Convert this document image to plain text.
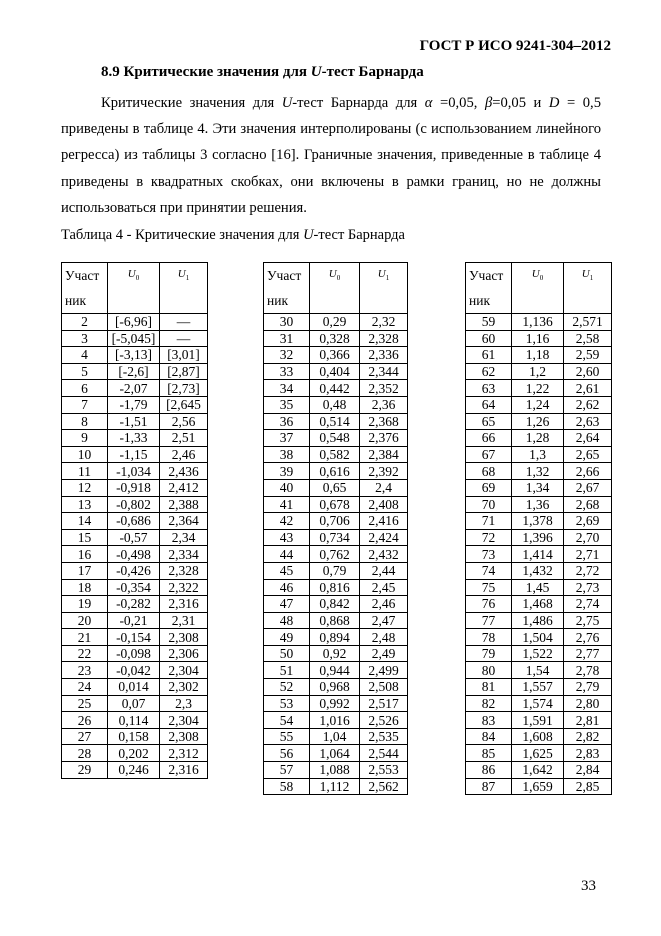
ГОСТ Р ИСО 9241-304–2012
8.9 Критические значения для U-тест Барнарда

Критические значения для U-тест Барнарда для α =0,05, β=0,05 и D = 0,5 приведены в таблице 4. Эти значения интерполированы (с использованием линейного регресса) из таблицы 3 согласно [16]. Граничные значения, приведенные в таблице 4 приведены в квадратных скобках, они включены в рамки границ, но не должны использоваться при принятии решения.

Таблица 4 - Критические значения для U-тест Барнарда
Участ
ник	$U_0$	$U_1$

2	[-6,96]	—
3	[-5,045]	—
4	[-3,13]	[3,01]
5	[-2,6]	[2,87]
6	-2,07	[2,73]
7	-1,79	[2,645
8	-1,51	2,56
9	-1,33	2,51
10	-1,15	2,46
11	-1,034	2,436
12	-0,918	2,412
13	-0,802	2,388
14	-0,686	2,364
15	-0,57	2,34
16	-0,498	2,334
17	-0,426	2,328
18	-0,354	2,322
19	-0,282	2,316
20	-0,21	2,31
21	-0,154	2,308
22	-0,098	2,306
23	-0,042	2,304
24	0,014	2,302
25	0,07	2,3
26	0,114	2,304
27	0,158	2,308
28	0,202	2,312
29	0,246	2,316
Участ
ник	$U_0$	$U_1$

30	0,29	2,32
31	0,328	2,328
32	0,366	2,336
33	0,404	2,344
34	0,442	2,352
35	0,48	2,36
36	0,514	2,368
37	0,548	2,376
38	0,582	2,384
39	0,616	2,392
40	0,65	2,4
41	0,678	2,408
42	0,706	2,416
43	0,734	2,424
44	0,762	2,432
45	0,79	2,44
46	0,816	2,45
47	0,842	2,46
48	0,868	2,47
49	0,894	2,48
50	0,92	2,49
51	0,944	2,499
52	0,968	2,508
53	0,992	2,517
54	1,016	2,526
55	1,04	2,535
56	1,064	2,544
57	1,088	2,553
58	1,112	2,562
Участ
ник	$U_0$	$U_1$

59	1,136	2,571
60	1,16	2,58
61	1,18	2,59
62	1,2	2,60
63	1,22	2,61
64	1,24	2,62
65	1,26	2,63
66	1,28	2,64
67	1,3	2,65
68	1,32	2,66
69	1,34	2,67
70	1,36	2,68
71	1,378	2,69
72	1,396	2,70
73	1,414	2,71
74	1,432	2,72
75	1,45	2,73
76	1,468	2,74
77	1,486	2,75
78	1,504	2,76
79	1,522	2,77
80	1,54	2,78
81	1,557	2,79
82	1,574	2,80
83	1,591	2,81
84	1,608	2,82
85	1,625	2,83
86	1,642	2,84
87	1,659	2,85
33
